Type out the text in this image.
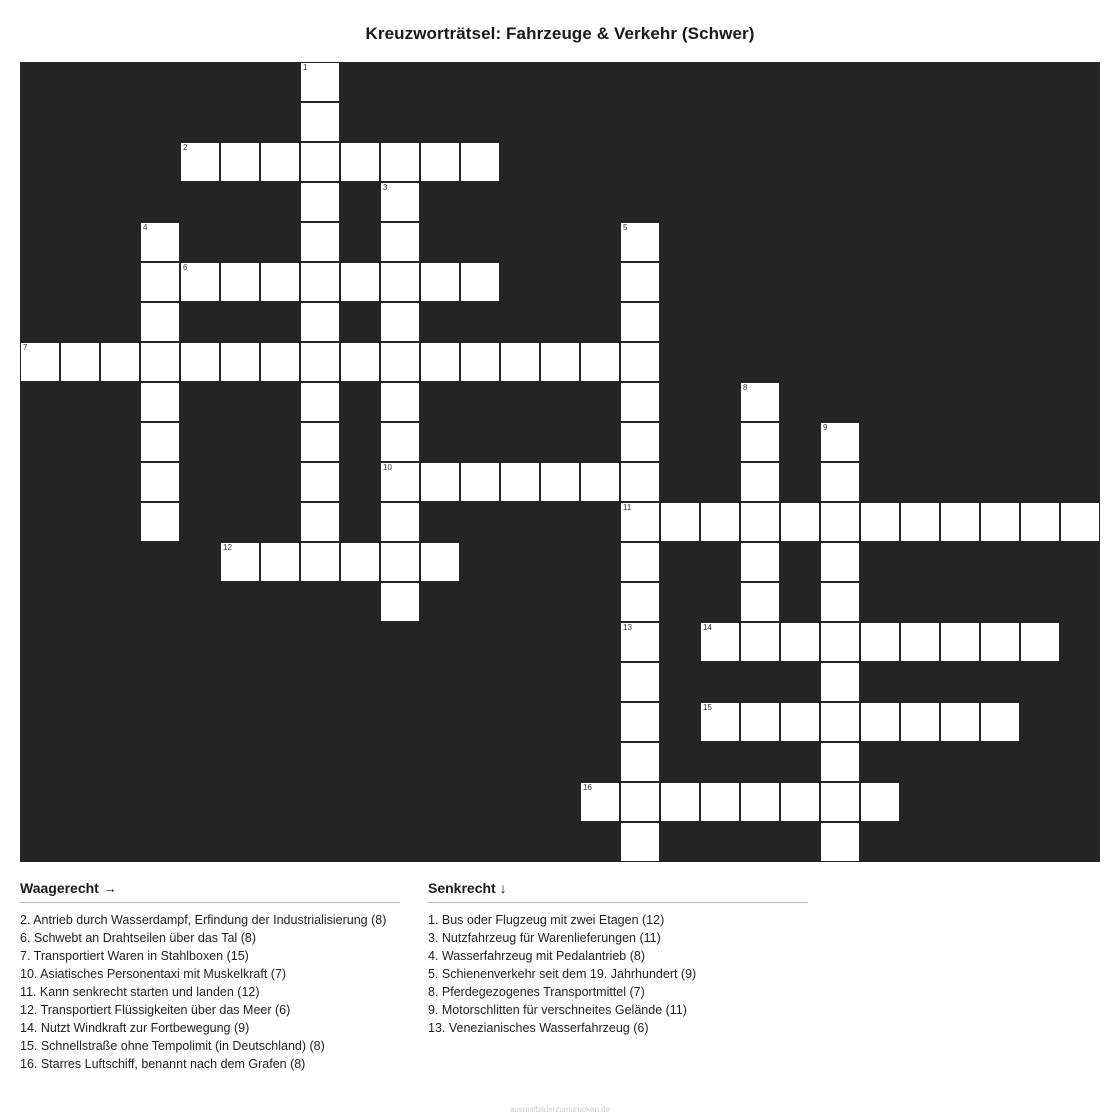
Kreuzworträtsel: Fahrzeuge & Verkehr (Schwer)
1
2
3
4	5
6
7
8
9
10
11
12
13	14
15
16
Waagerecht →
2. Antrieb durch Wasserdampf, Erfindung der Industrialisierung (8)
6. Schwebt an Drahtseilen über das Tal (8)
7. Transportiert Waren in Stahlboxen (15)
10. Asiatisches Personentaxi mit Muskelkraft (7)
11. Kann senkrecht starten und landen (12)
12. Transportiert Flüssigkeiten über das Meer (6)
14. Nutzt Windkraft zur Fortbewegung (9)
15. Schnellstraße ohne Tempolimit (in Deutschland) (8)
16. Starres Luftschiff, benannt nach dem Grafen (8)
Senkrecht ↓
1. Bus oder Flugzeug mit zwei Etagen (12)
3. Nutzfahrzeug für Warenlieferungen (11)
4. Wasserfahrzeug mit Pedalantrieb (8)
5. Schienenverkehr seit dem 19. Jahrhundert (9)
8. Pferdegezogenes Transportmittel (7)
9. Motorschlitten für verschneites Gelände (11)
13. Venezianisches Wasserfahrzeug (6)
ausmalbilderzumdrucken.de
